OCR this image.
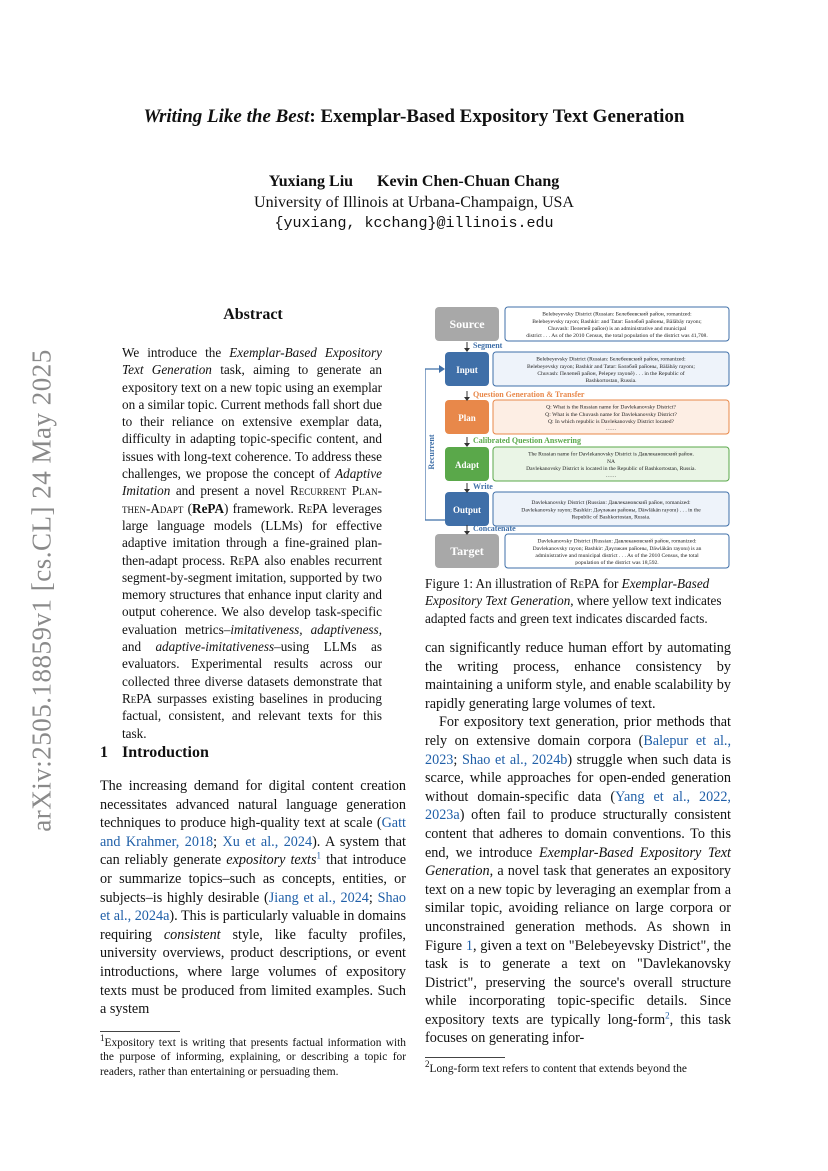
arXiv:2505.18859v1 [cs.CL] 24 May 2025
Writing Like the Best: Exemplar-Based Expository Text Generation
Yuxiang Liu Kevin Chen-Chuan Chang
University of Illinois at Urbana-Champaign, USA
{yuxiang, kcchang}@illinois.edu
Abstract
We introduce the Exemplar-Based Expository Text Generation task, aiming to generate an expository text on a new topic using an exemplar on a similar topic. Current methods fall short due to their reliance on extensive exemplar data, difficulty in adapting topic-specific content, and issues with long-text coherence. To address these challenges, we propose the concept of Adaptive Imitation and present a novel Recurrent Plan-then-Adapt (RePA) framework. RePA leverages large language models (LLMs) for effective adaptive imitation through a fine-grained plan-then-adapt process. RePA also enables recurrent segment-by-segment imitation, supported by two memory structures that enhance input clarity and output coherence. We also develop task-specific evaluation metrics–imitativeness, adaptiveness, and adaptive-imitativeness–using LLMs as evaluators. Experimental results across our collected three diverse datasets demonstrate that RePA surpasses existing baselines in producing factual, consistent, and relevant texts for this task.
1 Introduction

The increasing demand for digital content creation necessitates advanced natural language generation techniques to produce high-quality text at scale (Gatt and Krahmer, 2018; Xu et al., 2024). A system that can reliably generate expository texts$^1$ that introduce or summarize topics–such as concepts, entities, or subjects–is highly desirable (Jiang et al., 2024; Shao et al., 2024a). This is particularly valuable in domains requiring consistent style, like faculty profiles, university overviews, product descriptions, or event introductions, where large volumes of expository texts must be produced from limited examples. Such a system

$^1$Expository text is writing that presents factual information with the purpose of informing, explaining, or describing a topic for readers, rather than entertaining or persuading them.
Recurrent
Source
Belebeyevsky District (Russian: Белебеевский район, romanized:
Belebeyevsky rayon; Bashkir: and Tatar: Бәләбәй районы, Bäläbäy rayonı;
Chuvash: Пелепей район) is an administrative and municipal
district . . . As of the 2010 Census, the total population of the district was 41,708.
Input
Belebeyevsky District (Russian: Белебеевский район, romanized:
Belebeyevsky rayon; Bashkir and Tatar: Бәләбәй районы, Bäläbäy rayonı;
Chuvash: Пелепей район, Pelepey rayonĕ) . . . in the Republic of
Bashkortostan, Russia.
Plan
Q: What is the Russian name for Davlekanovsky District?
Q: What is the Chuvash name for Davlekanovsky District?
Q: In which republic is Davlekanovsky District located?
……
Adapt
The Russian name for Davlekanovsky District is Давлекановский район.
NA
Davlekanovsky District is located in the Republic of Bashkortostan, Russia.
……
Output
Davlekanovsky District (Russian: Давлекановский район, romanized:
Davlekanovsky rayon; Bashkir: Дәүләкән районы, Däwläkän rayonı) . . . in the
Republic of Bashkortostan, Russia.
Target
Davlekanovsky District (Russian: Давлекановский район, romanized:
Davlekanovsky rayon; Bashkir: Дәүләкән районы, Däwläkän rayonı) is an
administrative and municipal district . . . As of the 2010 Census, the total
population of the district was 18,592.
Segment
Question Generation & Transfer
Calibrated Question Answering
Write
Concatenate
Figure 1: An illustration of RePA for Exemplar-Based Expository Text Generation, where yellow text indicates adapted facts and green text indicates discarded facts.

can significantly reduce human effort by automating the writing process, enhance consistency by maintaining a uniform style, and enable scalability by rapidly generating large volumes of text.

For expository text generation, prior methods that rely on extensive domain corpora (Balepur et al., 2023; Shao et al., 2024b) struggle when such data is scarce, while approaches for open-ended generation without domain-specific data (Yang et al., 2022, 2023a) often fail to produce structurally consistent content that adheres to domain conventions. To this end, we introduce Exemplar-Based Expository Text Generation, a novel task that generates an expository text on a new topic by leveraging an exemplar from a similar topic, avoiding reliance on large corpora or unconstrained generation methods. As shown in Figure 1, given a text on "Belebeyevsky District", the task is to generate a text on "Davlekanovsky District", preserving the source's overall structure while incorporating topic-specific details. Since expository texts are typically long-form$^2$, this task focuses on generating infor-

$^2$Long-form text refers to content that extends beyond the
